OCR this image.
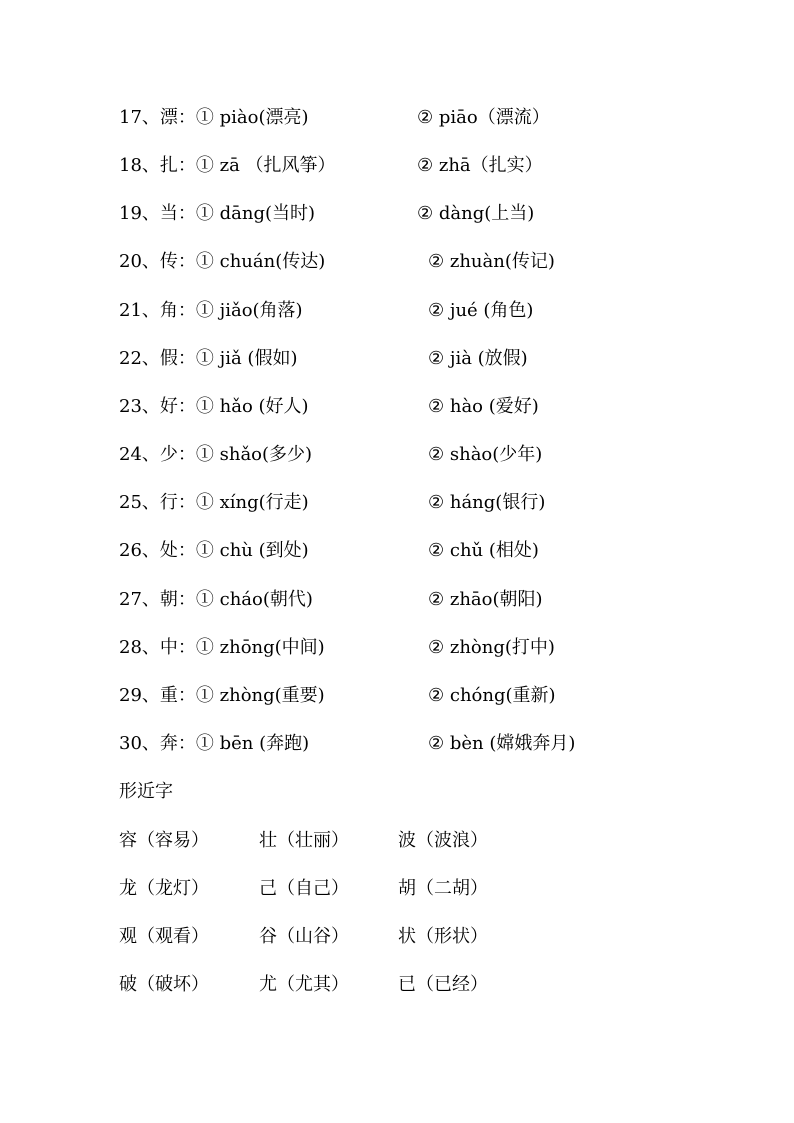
17、漂：① piào(漂亮)	② piāo（漂流）
18、扎：① zā （扎风筝）	② zhā（扎实）
19、当：① dāng(当时)	② dàng(上当)
20、传：① chuán(传达)	② zhuàn(传记)
21、角：① jiǎo(角落)	② jué (角色)
22、假：① jiǎ (假如)	② jià (放假)
23、好：① hǎo (好人)	② hào (爱好)
24、少：① shǎo(多少)	② shào(少年)
25、行：① xíng(行走)	② háng(银行)
26、处：① chù (到处)	② chǔ (相处)
27、朝：① cháo(朝代)	② zhāo(朝阳)
28、中：① zhōng(中间)	② zhòng(打中)
29、重：① zhòng(重要)	② chóng(重新)
30、奔：① bēn (奔跑)	② bèn (嫦娥奔月)
形近字
容（容易）	壮（壮丽）	波（波浪）
龙（龙灯）	己（自己）	胡（二胡）
观（观看）	谷（山谷）	状（形状）
破（破坏）	尤（尤其）	已（已经）
